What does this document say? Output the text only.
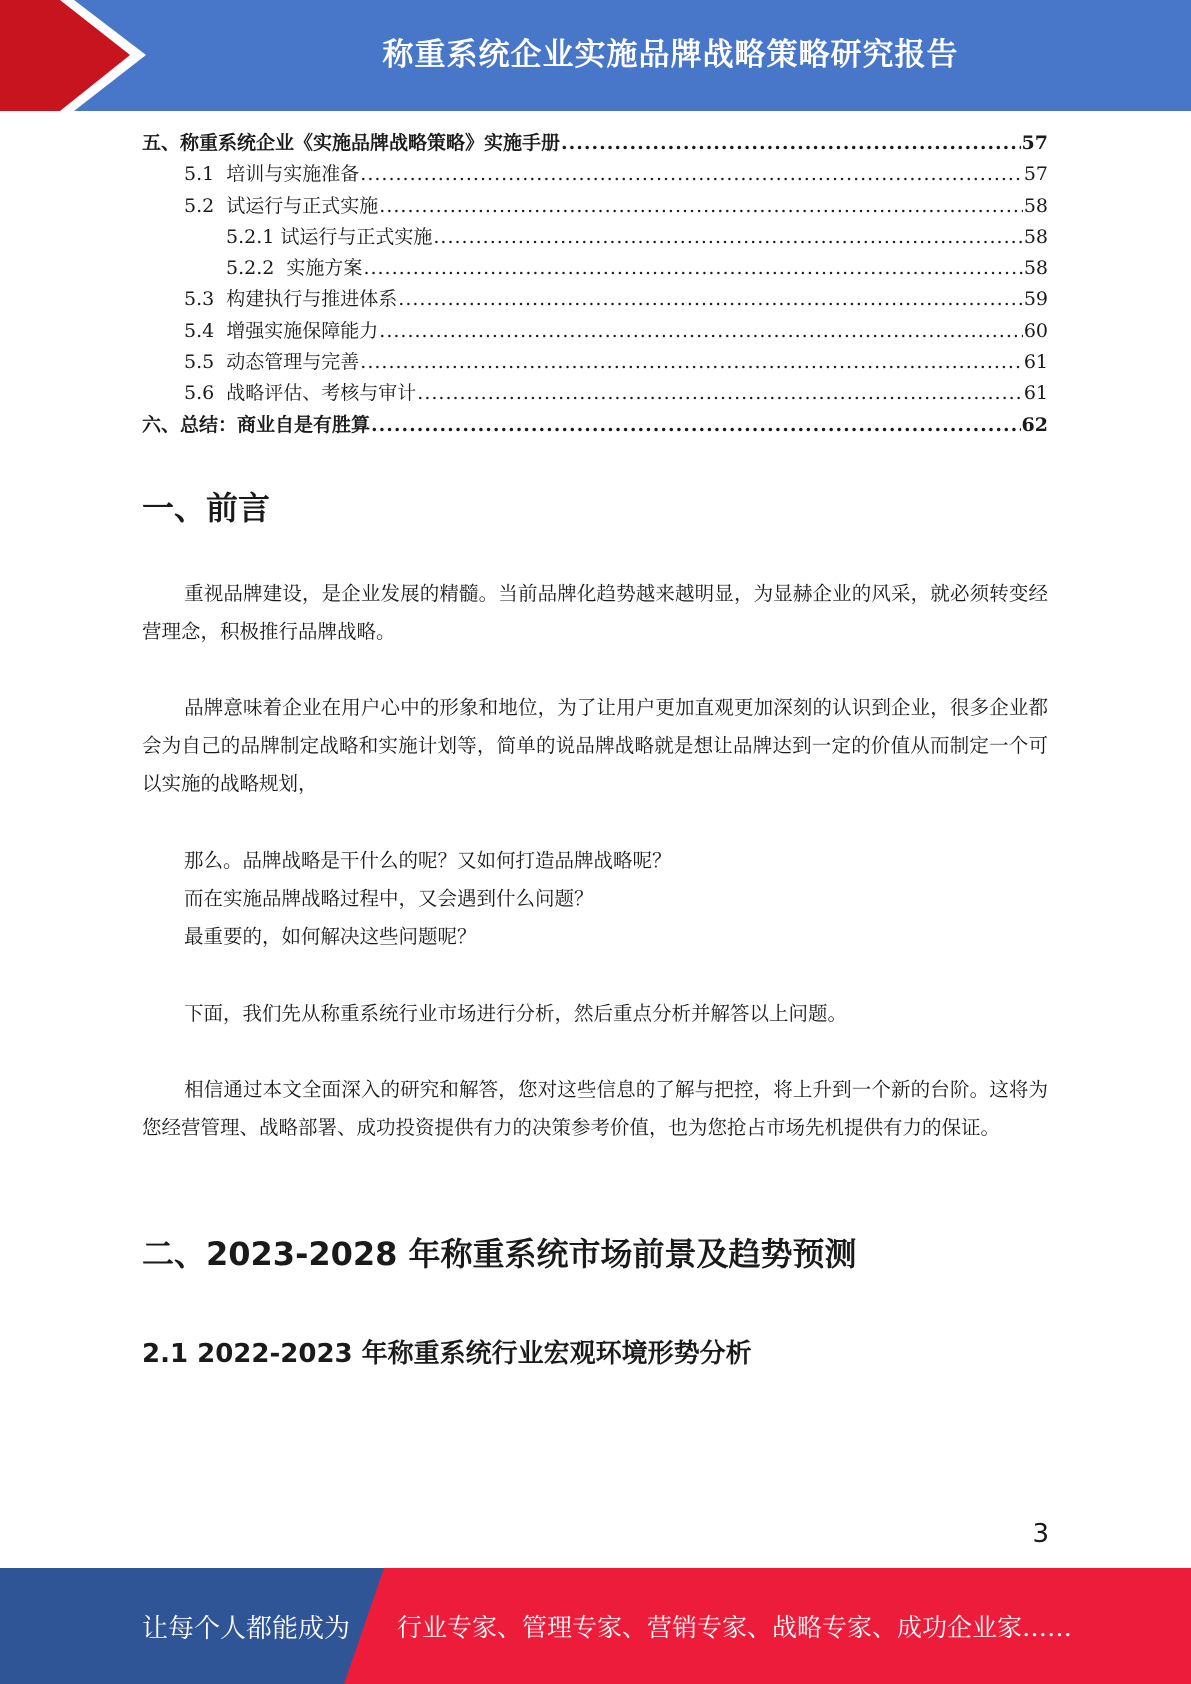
称重系统企业实施品牌战略策略研究报告
五、称重系统企业《实施品牌战略策略》实施手册 .....	57
5.1  培训与实施准备 .....	57
5.2  试运行与正式实施 .....	58
5.2.1 试运行与正式实施 .....	58
5.2.2  实施方案 .....	58
5.3  构建执行与推进体系 .....	59
5.4  增强实施保障能力 .....	60
5.5  动态管理与完善 .....	61
5.6  战略评估、考核与审计 .....	61
六、总结：商业自是有胜算 .....	62
一、前言

重视品牌建设，是企业发展的精髓。当前品牌化趋势越来越明显，为显赫企业的风采，就必须转变经营理念，积极推行品牌战略。

品牌意味着企业在用户心中的形象和地位，为了让用户更加直观更加深刻的认识到企业，很多企业都会为自己的品牌制定战略和实施计划等，简单的说品牌战略就是想让品牌达到一定的价值从而制定一个可以实施的战略规划，

那么。品牌战略是干什么的呢？又如何打造品牌战略呢？

而在实施品牌战略过程中，又会遇到什么问题？

最重要的，如何解决这些问题呢？

下面，我们先从称重系统行业市场进行分析，然后重点分析并解答以上问题。

相信通过本文全面深入的研究和解答，您对这些信息的了解与把控，将上升到一个新的台阶。这将为您经营管理、战略部署、成功投资提供有力的决策参考价值，也为您抢占市场先机提供有力的保证。

二、2023-2028 年称重系统市场前景及趋势预测
2.1 2022-2023 年称重系统行业宏观环境形势分析
3
让每个人都能成为 行业专家、管理专家、营销专家、战略专家、成功企业家……
